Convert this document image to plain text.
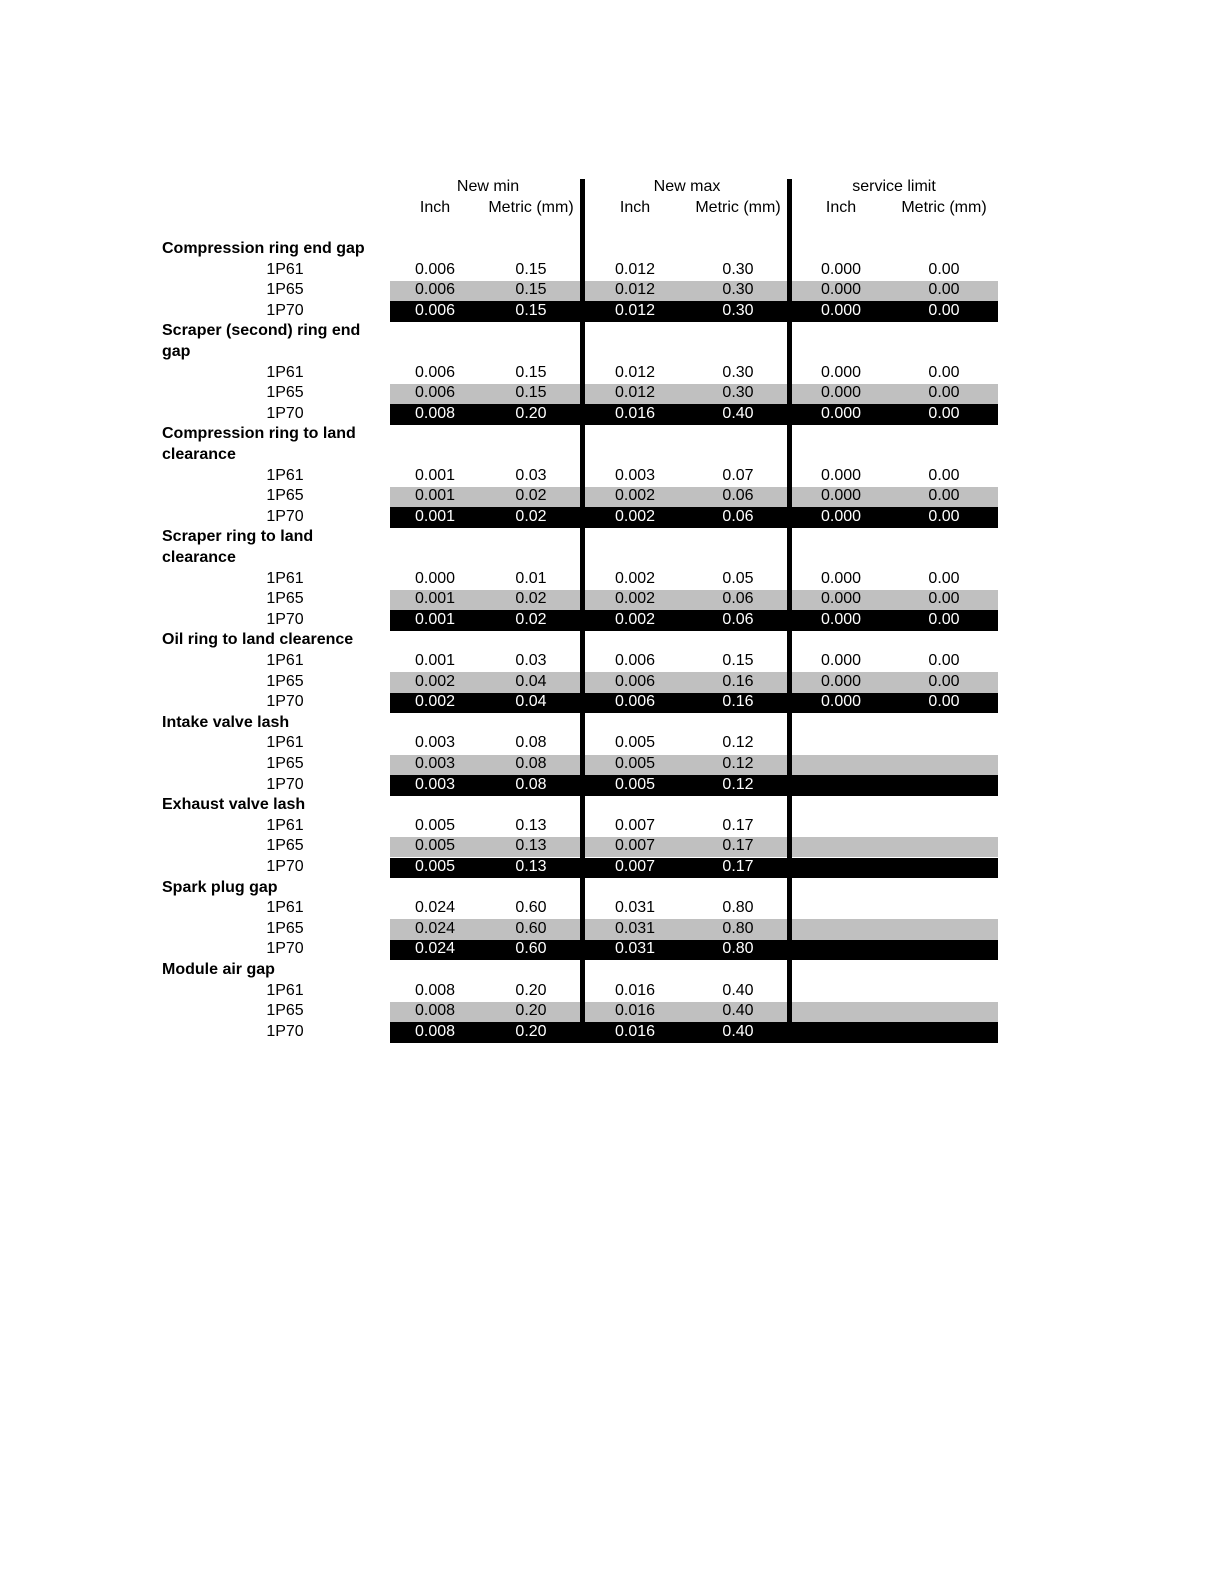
New min	New max	service limit
Inch Metric (mm)	Inch	Metric (mm)	Inch	Metric (mm)
Compression ring end gap
1P61	0.006	0.15	0.012	0.30	0.000	0.00
1P65	0.006	0.15	0.012	0.30	0.000	0.00
1P70	0.006	0.15	0.012	0.30	0.000	0.00
Scraper (second) ring end
gap
1P61	0.006	0.15	0.012	0.30	0.000	0.00
1P65	0.006	0.15	0.012	0.30	0.000	0.00
1P70	0.008	0.20	0.016	0.40	0.000	0.00
Compression ring to land
clearance
1P61	0.001	0.03	0.003	0.07	0.000	0.00
1P65	0.001	0.02	0.002	0.06	0.000	0.00
1P70	0.001	0.02	0.002	0.06	0.000	0.00
Scraper ring to land
clearance
1P61	0.000	0.01	0.002	0.05	0.000	0.00
1P65	0.001	0.02	0.002	0.06	0.000	0.00
1P70	0.001	0.02	0.002	0.06	0.000	0.00
Oil ring to land clearence
1P61	0.001	0.03	0.006	0.15	0.000	0.00
1P65	0.002	0.04	0.006	0.16	0.000	0.00
1P70	0.002	0.04	0.006	0.16	0.000	0.00
Intake valve lash
1P61	0.003	0.08	0.005	0.12
1P65	0.003	0.08	0.005	0.12
1P70	0.003	0.08	0.005	0.12
Exhaust valve lash
1P61	0.005	0.13	0.007	0.17
1P65	0.005	0.13	0.007	0.17
1P70	0.005	0.13	0.007	0.17
Spark plug gap
1P61	0.024	0.60	0.031	0.80
1P65	0.024	0.60	0.031	0.80
1P70	0.024	0.60	0.031	0.80
Module air gap
1P61	0.008	0.20	0.016	0.40
1P65	0.008	0.20	0.016	0.40
1P70	0.008	0.20	0.016	0.40
